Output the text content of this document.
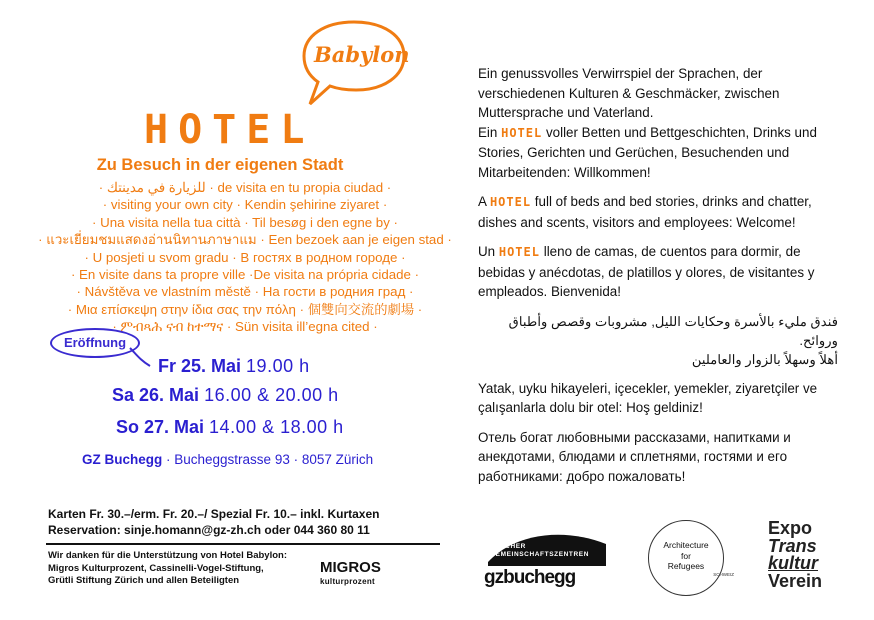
Babylon
HOTEL
Zu Besuch in der eigenen Stadt
· للزيارة في مدينتك · de visita en tu propia ciudad ·
· visiting your own city · Kendin şehirine ziyaret ·
· Una visita nella tua città · Til besøg i den egne by ·
· แวะเยี่ยมชมแสดงอ่านนิทานภาษาแม · Een bezoek aan je eigen stad ·
· U posjeti u svom gradu · В гостях в родном городе ·
· En visite dans ta propre ville ·De visita na própria cidade ·
· Návštěva ve vlastním městě · На гости в родния град ·
· Μια επίσκεψη στην ίδια σας την πόλη · 個雙向交流的劇場 ·
· ምብጻሕ ናብ ከተማና · Sün visita ill’egna cited ·
Eröffnung
Fr 25. Mai 19.00 h
Sa 26. Mai 16.00 & 20.00 h
So 27. Mai 14.00 & 18.00 h
GZ Buchegg · Bucheggstrasse 93 · 8057 Zürich
Karten Fr. 30.–/erm. Fr. 20.–/ Spezial Fr. 10.– inkl. Kurtaxen
Reservation: sinje.homann@gz-zh.ch oder 044 360 80 11
Wir danken für die Unterstützung von Hotel Babylon:
Migros Kulturprozent, Cassinelli-Vogel-Stiftung,
Grütli Stiftung Zürich und allen Beteiligten
MIGROS
kulturprozent

Ein genussvolles Verwirrspiel der Sprachen, der verschiedenen Kulturen & Geschmäcker, zwischen Muttersprache und Vaterland.
Ein HOTEL voller Betten und Bettgeschichten, Drinks und Stories, Gerichten und Gerüchen, Besuchenden und Mitarbeitenden: Willkommen!

A HOTEL full of beds and bed stories, drinks and chatter, dishes and scents, visitors and employees: Welcome!

Un HOTEL lleno de camas, de cuentos para dormir, de bebidas y anécdotas, de platillos y olores, de visitantes y empleados. Bienvenida!

فندق مليء بالأسرة وحكايات الليل, مشروبات وقصص وأطباق وروائح.
أهلاً وسهلاً بالزوار والعاملين

Yatak, uyku hikayeleri, içecekler, yemekler, ziyaretçiler ve çalışanlarla dolu bir otel: Hoş geldiniz!

Отель богат любовными рассказами, напитками и анекдотами, блюдами и сплетнями, гостями и его работниками: добро пожаловать!

ZÜRCHER GEMEINSCHAFTSZENTREN
gzbuchegg
Architecture
for
Refugees
SCHWEIZ
Expo
Trans
kultur
Verein
